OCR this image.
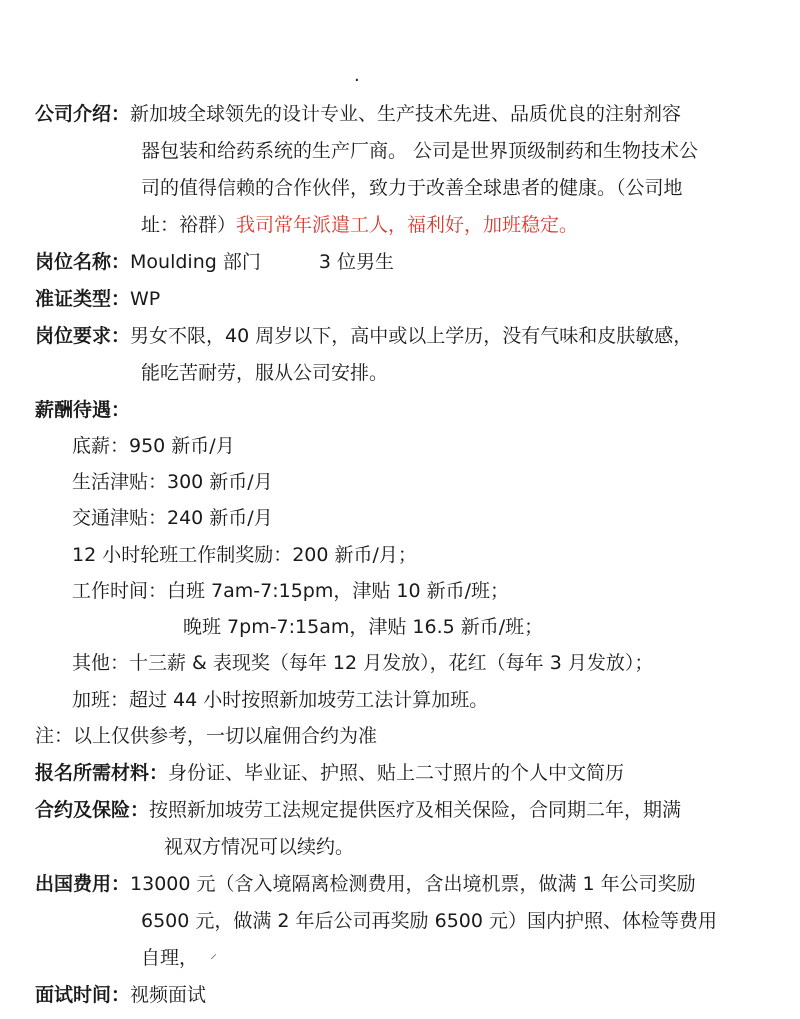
·
公司介绍：新加坡全球领先的设计专业、生产技术先进、品质优良的注射剂容
器包装和给药系统的生产厂商。 公司是世界顶级制药和生物技术公
司的值得信赖的合作伙伴，致力于改善全球患者的健康。（公司地
址：裕群）我司常年派遣工人，福利好，加班稳定。
岗位名称：Moulding 部门	3 位男生
准证类型：WP
岗位要求：男女不限，40 周岁以下，高中或以上学历，没有气味和皮肤敏感，
能吃苦耐劳，服从公司安排。
薪酬待遇：
底薪：950 新币/月
生活津贴：300 新币/月
交通津贴：240 新币/月
12 小时轮班工作制奖励：200 新币/月；
工作时间：白班 7am-7:15pm，津贴 10 新币/班；
晚班 7pm-7:15am，津贴 16.5 新币/班；
其他：十三薪 & 表现奖（每年 12 月发放），花红（每年 3 月发放）；
加班：超过 44 小时按照新加坡劳工法计算加班。
注：以上仅供参考，一切以雇佣合约为准
报名所需材料：身份证、毕业证、护照、贴上二寸照片的个人中文简历
合约及保险：按照新加坡劳工法规定提供医疗及相关保险，合同期二年，期满
视双方情况可以续约。
出国费用：13000 元（含入境隔离检测费用，含出境机票，做满 1 年公司奖励
6500 元，做满 2 年后公司再奖励 6500 元）国内护照、体检等费用
自理， ⸍
面试时间：视频面试
